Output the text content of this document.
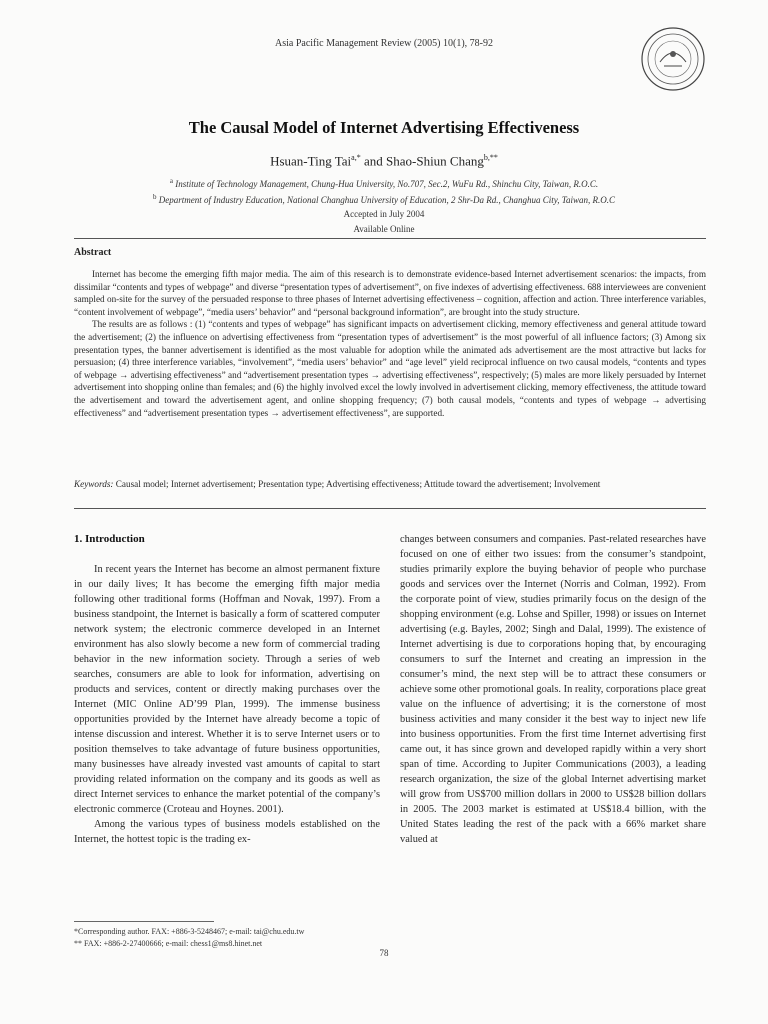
Asia Pacific Management Review (2005) 10(1), 78-92
The Causal Model of Internet Advertising Effectiveness
Hsuan-Ting Tai$^{a,*}$ and Shao-Shiun Chang$^{b,**}$
$^a$ Institute of Technology Management, Chung-Hua University, No.707, Sec.2, WuFu Rd., Shinchu City, Taiwan, R.O.C.
$^b$ Department of Industry Education, National Changhua University of Education, 2 Shr-Da Rd., Changhua City, Taiwan, R.O.C
Accepted in July 2004
Available Online
Abstract

Internet has become the emerging fifth major media. The aim of this research is to demonstrate evidence-based Internet advertisement scenarios: the impacts, from dissimilar “contents and types of webpage” and diverse “presentation types of advertisement”, on five indexes of advertising effectiveness. 688 interviewees are convenient sampled on-site for the survey of the persuaded response to three phases of Internet advertising effectiveness – cognition, affection and action. Three interference variables, “content involvement of webpage”, “media users’ behavior” and “personal background information”, are brought into the study structure.

The results are as follows : (1) “contents and types of webpage” has significant impacts on advertisement clicking, memory effectiveness and general attitude toward the advertisement; (2) the influence on advertising effectiveness from “presentation types of advertisement” is the most powerful of all influence factors; (3) Among six presentation types, the banner advertisement is identified as the most valuable for adoption while the animated ads advertisement are the most attractive but lacks for persuasion; (4) three interference variables, “involvement”, “media users’ behavior” and “age level” yield reciprocal influence on two causal models, “contents and types of webpage → advertising effectiveness” and “advertisement presentation types → advertising effectiveness”, respectively; (5) males are more likely persuaded by Internet advertisement into shopping online than females; and (6) the highly involved excel the lowly involved in advertisement clicking, memory effectiveness, the attitude toward the advertisement and toward the advertisement agent, and online shopping frequency; (7) both causal models, “contents and types of webpage → advertising effectiveness” and “advertisement presentation types → advertisement effectiveness”, are supported.

Keywords: Causal model; Internet advertisement; Presentation type; Advertising effectiveness; Attitude toward the advertisement; Involvement
1. Introduction

In recent years the Internet has become an almost permanent fixture in our daily lives; It has become the emerging fifth major media following other traditional forms (Hoffman and Novak, 1997). From a business standpoint, the Internet is basically a form of scattered computer network system; the electronic commerce developed in an Internet environment has also slowly become a new form of commercial trading behavior in the new information society. Through a series of web searches, consumers are able to look for information, advertising on products and services, content or directly making purchases over the Internet (MIC Online AD’99 Plan, 1999). The immense business opportunities provided by the Internet have already become a topic of intense discussion and interest. Whether it is to serve Internet users or to position themselves to take advantage of future business opportunities, many businesses have already invested vast amounts of capital to start providing related information on the company and its goods as well as direct Internet services to enhance the market potential of the company’s electronic commerce (Croteau and Hoynes. 2001).

Among the various types of business models established on the Internet, the hottest topic is the trading ex-

changes between consumers and companies. Past-related researches have focused on one of either two issues: from the consumer’s standpoint, studies primarily explore the buying behavior of people who purchase goods and services over the Internet (Norris and Colman, 1992). From the corporate point of view, studies primarily focus on the design of the shopping environment (e.g. Lohse and Spiller, 1998) or issues on Internet advertising (e.g. Bayles, 2002; Singh and Dalal, 1999). The existence of Internet advertising is due to corporations hoping that, by encouraging consumers to surf the Internet and creating an impression in the consumer’s mind, the next step will be to attract these consumers or achieve some other promotional goals. In reality, corporations place great value on the influence of advertising; it is the cornerstone of most business activities and many consider it the best way to inject new life into business opportunities. From the first time Internet advertising first came out, it has since grown and developed rapidly within a very short span of time. According to Jupiter Communications (2003), a leading research organization, the size of the global Internet advertising market will grow from US$700 million dollars in 2000 to US$28 billion dollars in 2005. The 2003 market is estimated at US$18.4 billion, with the United States leading the rest of the pack with a 66% market share valued at

*Corresponding author. FAX: +886-3-5248467; e-mail: tai@chu.edu.tw
** FAX: +886-2-27400666; e-mail: chess1@ms8.hinet.net
78
